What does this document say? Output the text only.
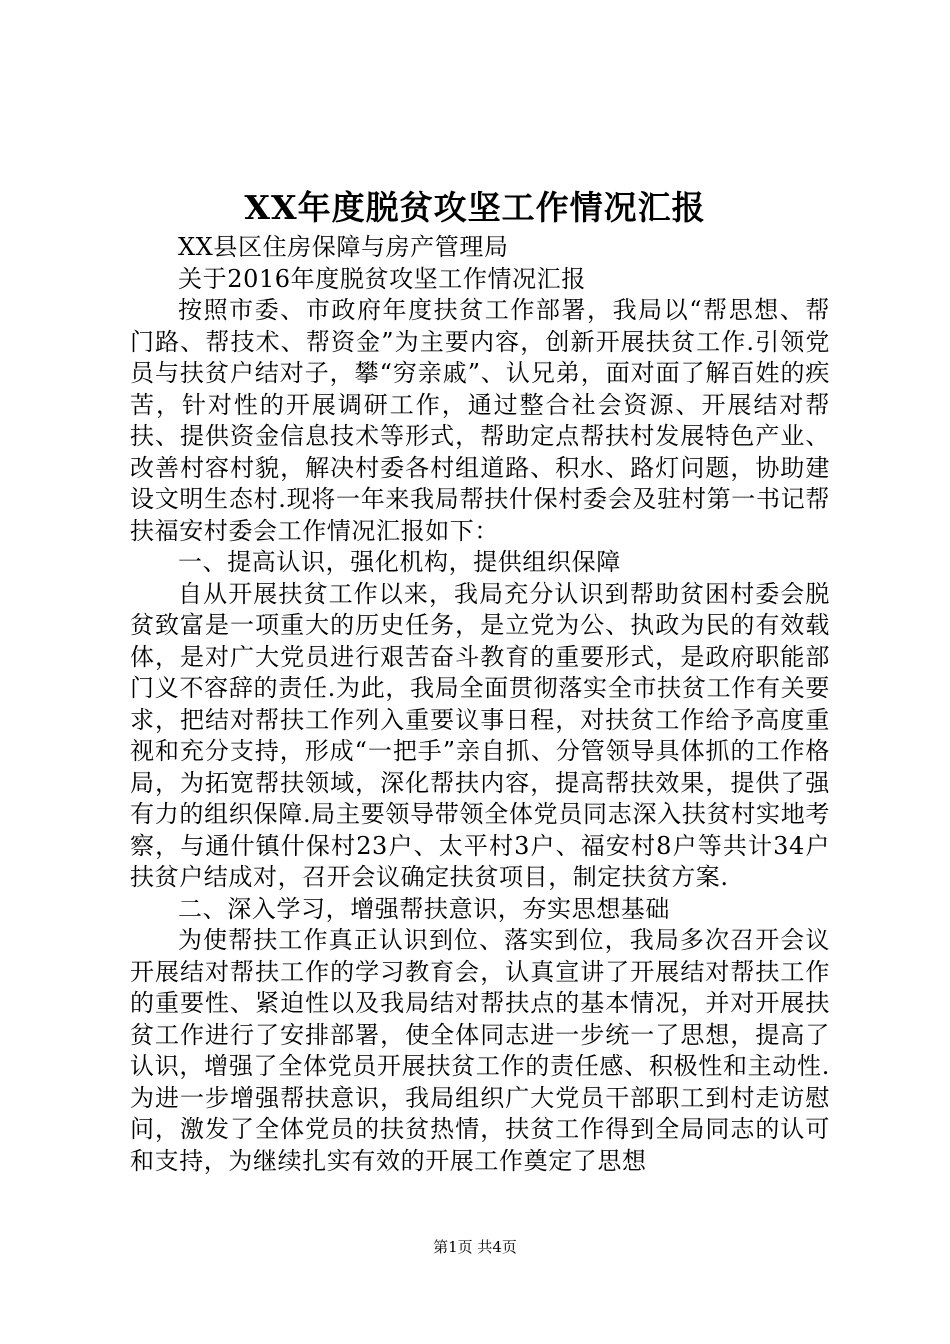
XX年度脱贫攻坚工作情况汇报

XX县区住房保障与房产管理局

关于2016年度脱贫攻坚工作情况汇报

按照市委、市政府年度扶贫工作部署，我局以“帮思想、帮门路、帮技术、帮资金”为主要内容，创新开展扶贫工作.引领党员与扶贫户结对子，攀“穷亲戚”、认兄弟，面对面了解百姓的疾苦，针对性的开展调研工作，通过整合社会资源、开展结对帮扶、提供资金信息技术等形式，帮助定点帮扶村发展特色产业、改善村容村貌，解决村委各村组道路、积水、路灯问题，协助建设文明生态村.现将一年来我局帮扶什保村委会及驻村第一书记帮扶福安村委会工作情况汇报如下：

一、提高认识，强化机构，提供组织保障

自从开展扶贫工作以来，我局充分认识到帮助贫困村委会脱贫致富是一项重大的历史任务，是立党为公、执政为民的有效载体，是对广大党员进行艰苦奋斗教育的重要形式，是政府职能部门义不容辞的责任.为此，我局全面贯彻落实全市扶贫工作有关要求，把结对帮扶工作列入重要议事日程，对扶贫工作给予高度重视和充分支持，形成“一把手”亲自抓、分管领导具体抓的工作格局，为拓宽帮扶领域，深化帮扶内容，提高帮扶效果，提供了强有力的组织保障.局主要领导带领全体党员同志深入扶贫村实地考察，与通什镇什保村23户、太平村3户、福安村8户等共计34户扶贫户结成对，召开会议确定扶贫项目，制定扶贫方案.

二、深入学习，增强帮扶意识，夯实思想基础

为使帮扶工作真正认识到位、落实到位，我局多次召开会议开展结对帮扶工作的学习教育会，认真宣讲了开展结对帮扶工作的重要性、紧迫性以及我局结对帮扶点的基本情况，并对开展扶贫工作进行了安排部署，使全体同志进一步统一了思想，提高了认识，增强了全体党员开展扶贫工作的责任感、积极性和主动性.为进一步增强帮扶意识，我局组织广大党员干部职工到村走访慰问，激发了全体党员的扶贫热情，扶贫工作得到全局同志的认可和支持，为继续扎实有效的开展工作奠定了思想

第1页 共4页
